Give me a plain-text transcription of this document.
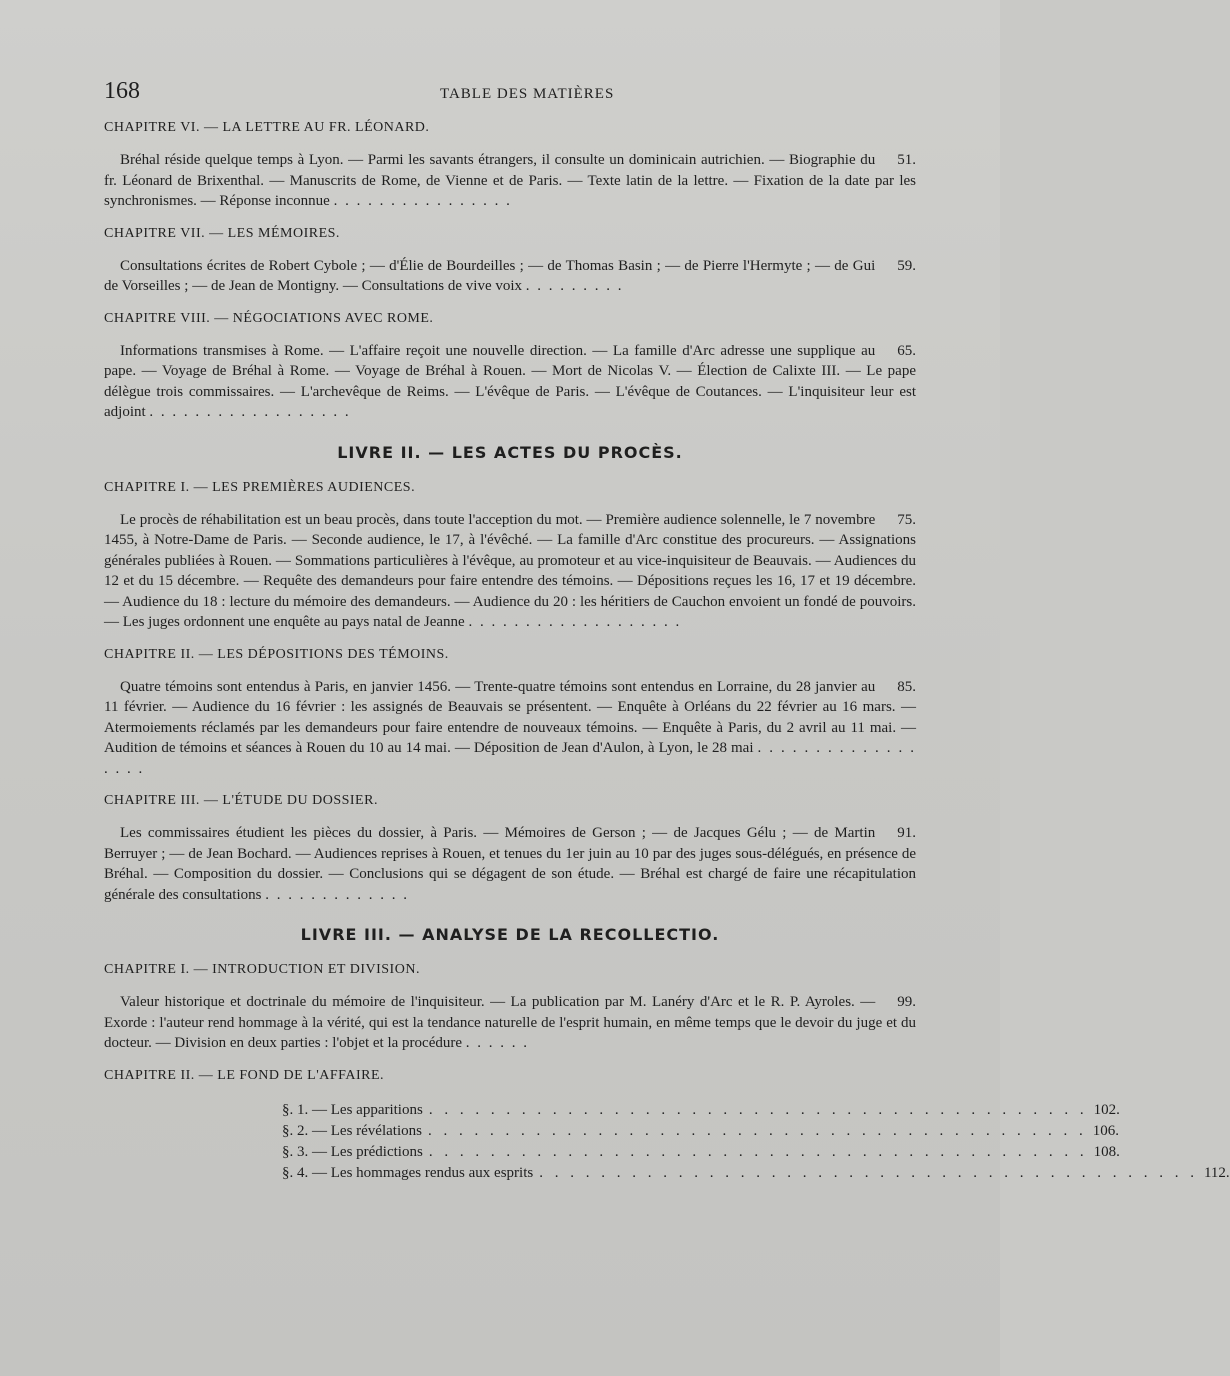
168	TABLE DES MATIÈRES
CHAPITRE VI. — LA LETTRE AU FR. LÉONARD.

51.
Bréhal réside quelque temps à Lyon. — Parmi les savants étrangers, il consulte un dominicain autrichien. — Biographie du fr. Léonard de Brixenthal. — Manuscrits de Rome, de Vienne et de Paris. — Texte latin de la lettre. — Fixation de la date par les synchronismes. — Réponse inconnue . . . . . . . . . . . . . . . .

CHAPITRE VII. — LES MÉMOIRES.

59.
Consultations écrites de Robert Cybole ; — d'Élie de Bourdeilles ; — de Thomas Basin ; — de Pierre l'Hermyte ; — de Gui de Vorseilles ; — de Jean de Montigny. — Consultations de vive voix . . . . . . . . .

CHAPITRE VIII. — NÉGOCIATIONS AVEC ROME.

65.
Informations transmises à Rome. — L'affaire reçoit une nouvelle direction. — La famille d'Arc adresse une supplique au pape. — Voyage de Bréhal à Rome. — Voyage de Bréhal à Rouen. — Mort de Nicolas V. — Élection de Calixte III. — Le pape délègue trois commissaires. — L'archevêque de Reims. — L'évêque de Paris. — L'évêque de Coutances. — L'inquisiteur leur est adjoint . . . . . . . . . . . . . . . . . .

LIVRE II. — LES ACTES DU PROCÈS.
CHAPITRE I. — LES PREMIÈRES AUDIENCES.

75.
Le procès de réhabilitation est un beau procès, dans toute l'acception du mot. — Première audience solennelle, le 7 novembre 1455, à Notre-Dame de Paris. — Seconde audience, le 17, à l'évêché. — La famille d'Arc constitue des procureurs. — Assignations générales publiées à Rouen. — Sommations particulières à l'évêque, au promoteur et au vice-inquisiteur de Beauvais. — Audiences du 12 et du 15 décembre. — Requête des demandeurs pour faire entendre des témoins. — Dépositions reçues les 16, 17 et 19 décembre. — Audience du 18 : lecture du mémoire des demandeurs. — Audience du 20 : les héritiers de Cauchon envoient un fondé de pouvoirs. — Les juges ordonnent une enquête au pays natal de Jeanne . . . . . . . . . . . . . . . . . . .

CHAPITRE II. — LES DÉPOSITIONS DES TÉMOINS.

85.
Quatre témoins sont entendus à Paris, en janvier 1456. — Trente-quatre témoins sont entendus en Lorraine, du 28 janvier au 11 février. — Audience du 16 février : les assignés de Beauvais se présentent. — Enquête à Orléans du 22 février au 16 mars. — Atermoiements réclamés par les demandeurs pour faire entendre de nouveaux témoins. — Enquête à Paris, du 2 avril au 11 mai. — Audition de témoins et séances à Rouen du 10 au 14 mai. — Déposition de Jean d'Aulon, à Lyon, le 28 mai . . . . . . . . . . . . . . . . . .

CHAPITRE III. — L'ÉTUDE DU DOSSIER.

91.
Les commissaires étudient les pièces du dossier, à Paris. — Mémoires de Gerson ; — de Jacques Gélu ; — de Martin Berruyer ; — de Jean Bochard. — Audiences reprises à Rouen, et tenues du 1er juin au 10 par des juges sous-délégués, en présence de Bréhal. — Composition du dossier. — Conclusions qui se dégagent de son étude. — Bréhal est chargé de faire une récapitulation générale des consultations . . . . . . . . . . . . .

LIVRE III. — ANALYSE DE LA RECOLLECTIO.
CHAPITRE I. — INTRODUCTION ET DIVISION.

99.
Valeur historique et doctrinale du mémoire de l'inquisiteur. — La publication par M. Lanéry d'Arc et le R. P. Ayroles. — Exorde : l'auteur rend hommage à la vérité, qui est la tendance naturelle de l'esprit humain, en même temps que le devoir du juge et du docteur. — Division en deux parties : l'objet et la procédure . . . . . .

CHAPITRE II. — LE FOND DE L'AFFAIRE.
§. 1. — Les apparitions . . . . . . . . . . . . . . . . . . . . . . . . . . . . . . . . . . . . . . . . . . . 102.
§. 2. — Les révélations . . . . . . . . . . . . . . . . . . . . . . . . . . . . . . . . . . . . . . . . . . . 106.
§. 3. — Les prédictions . . . . . . . . . . . . . . . . . . . . . . . . . . . . . . . . . . . . . . . . . . . 108.
§. 4. — Les hommages rendus aux esprits . . . . . . . . . . . . . . . . . . . . . . . . . . . . . . . . . . . . . . . . . . . 112.
